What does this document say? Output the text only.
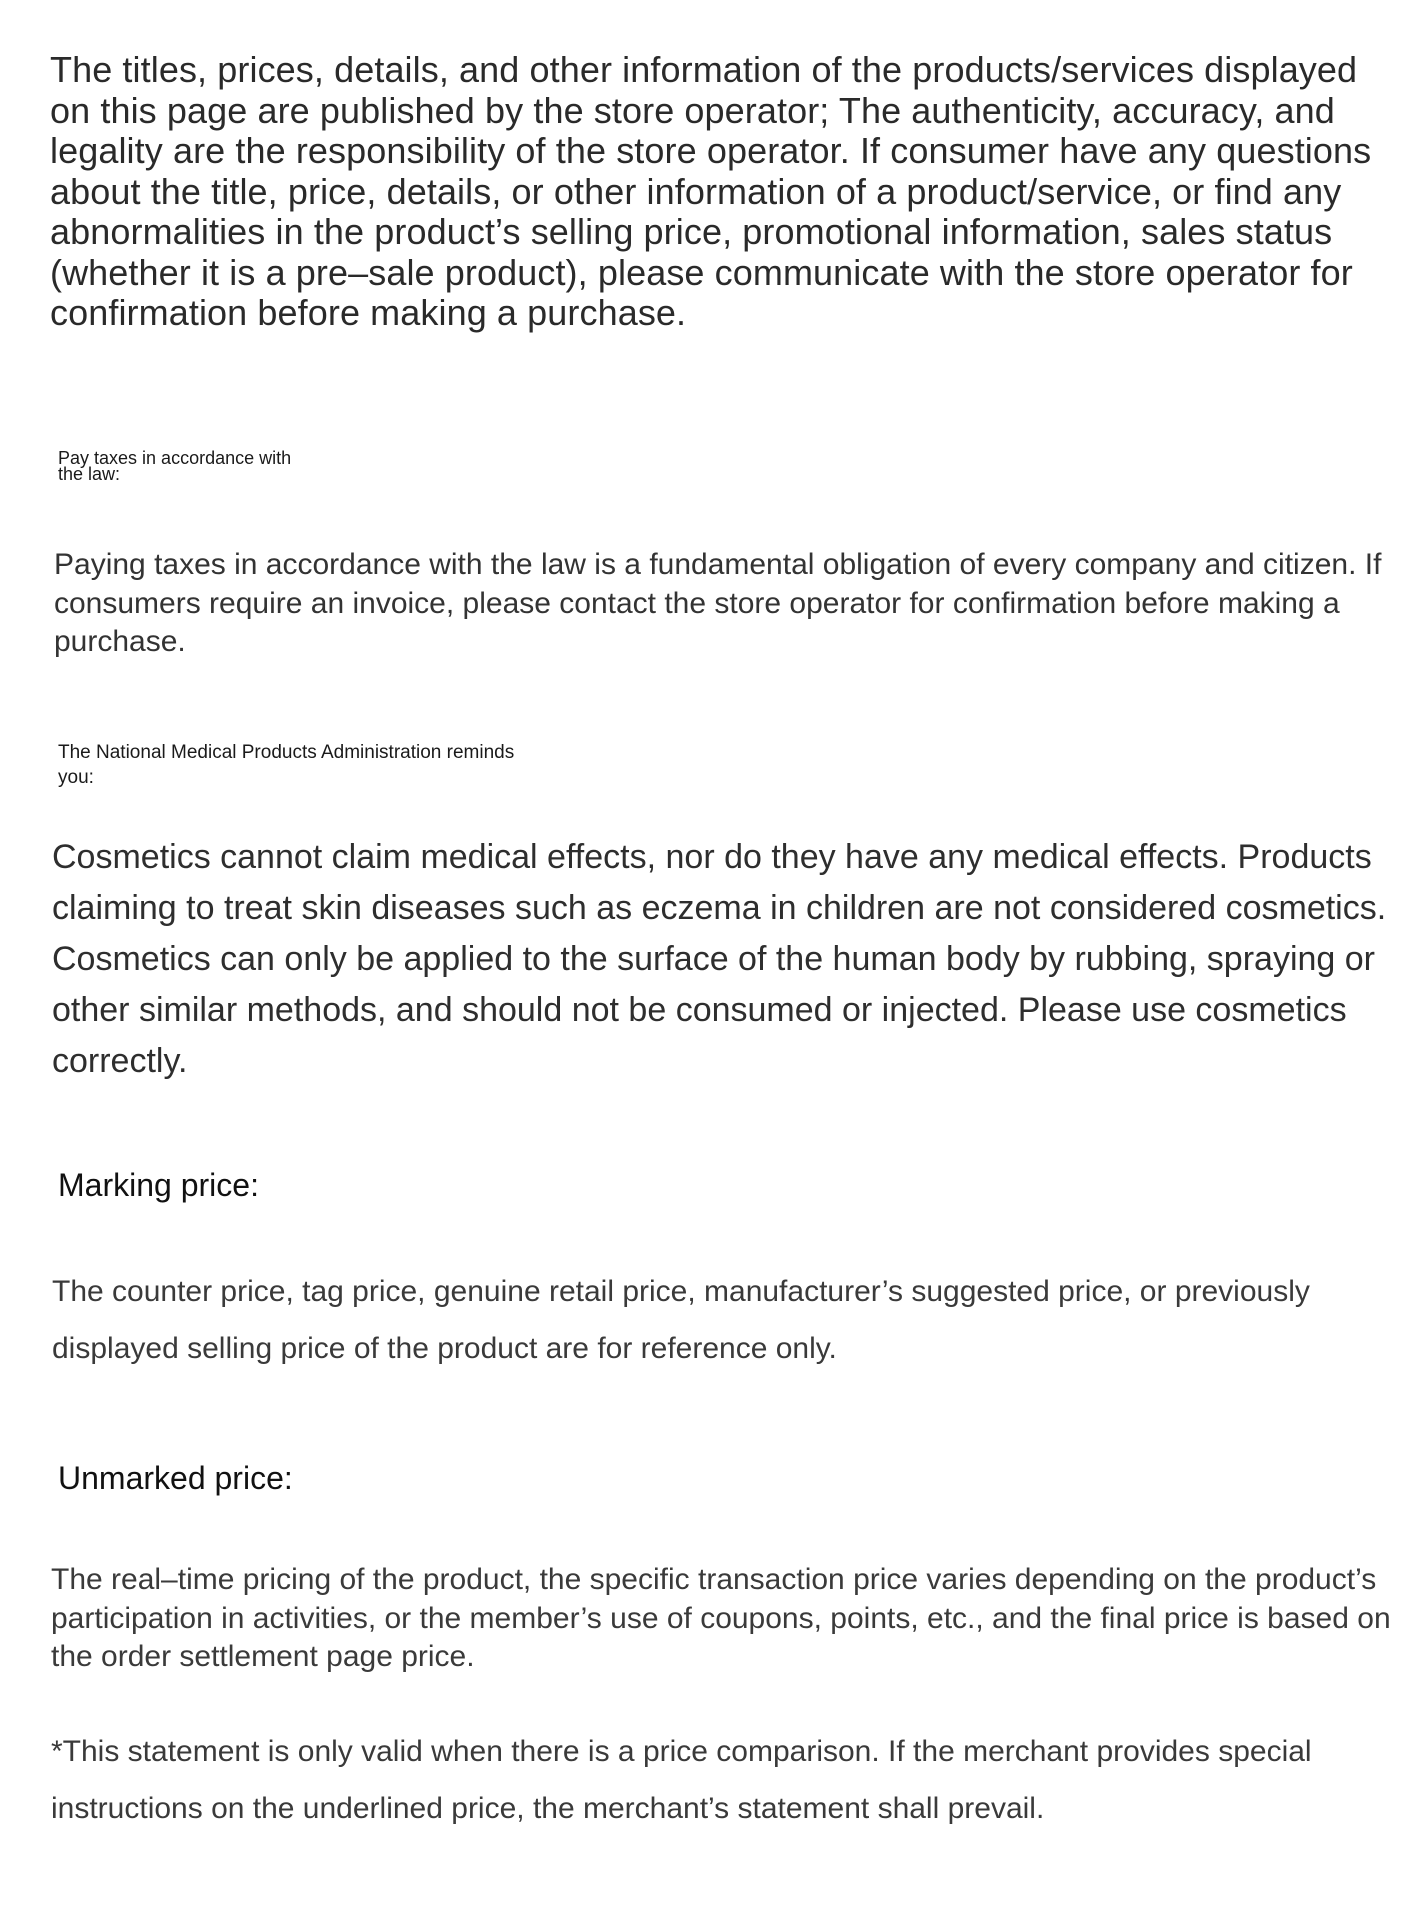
The titles, prices, details, and other information of the products/services displayed on this page are published by the store operator; The authenticity, accuracy, and legality are the responsibility of the store operator. If consumer have any questions about the title, price, details, or other information of a product/service, or find any abnormalities in the product’s selling price, promotional information, sales status (whether it is a pre–sale product), please communicate with the store operator for confirmation before making a purchase.

Pay taxes in accordance with the law:

Paying taxes in accordance with the law is a fundamental obligation of every company and citizen. If consumers require an invoice, please contact the store operator for confirmation before making a purchase.

The National Medical Products Administration reminds you:

Cosmetics cannot claim medical effects, nor do they have any medical effects. Products claiming to treat skin diseases such as eczema in children are not considered cosmetics. Cosmetics can only be applied to the surface of the human body by rubbing, spraying or other similar methods, and should not be consumed or injected. Please use cosmetics correctly.

Marking price:

The counter price, tag price, genuine retail price, manufacturer’s suggested price, or previously displayed selling price of the product are for reference only.

Unmarked price:

The real–time pricing of the product, the specific transaction price varies depending on the product’s participation in activities, or the member’s use of coupons, points, etc., and the final price is based on the order settlement page price.

*This statement is only valid when there is a price comparison. If the merchant provides special instructions on the underlined price, the merchant’s statement shall prevail.
